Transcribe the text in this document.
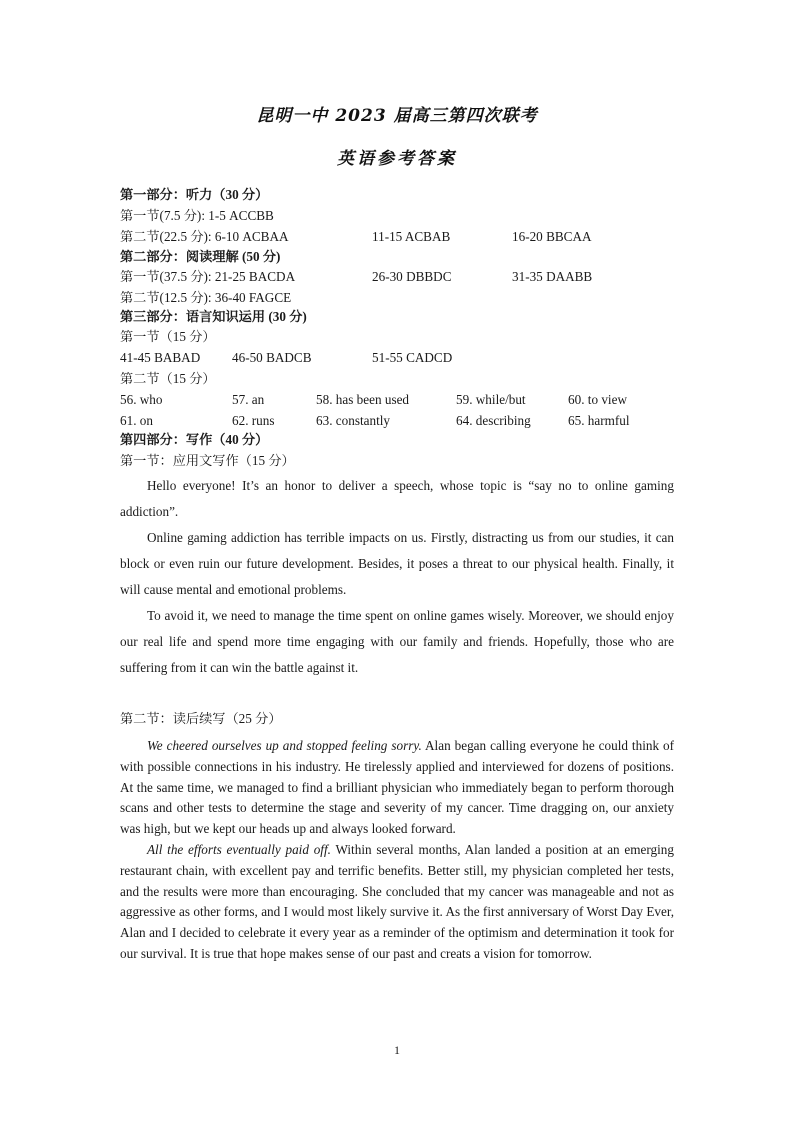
昆明一中 2023 届高三第四次联考
英语参考答案
第一部分：听力（30 分）
第一节(7.5 分): 1-5 ACCBB
第二节(22.5 分): 6-10 ACBAA	11-15 ACBAB	16-20 BBCAA
第二部分：阅读理解 (50 分)
第一节(37.5 分): 21-25 BACDA	26-30 DBBDC	31-35 DAABB
第二节(12.5 分): 36-40 FAGCE
第三部分：语言知识运用 (30 分)
第一节（15 分）
41-45 BABAD 46-50 BADCB	51-55 CADCD
第二节（15 分）
56. who	57. an	58. has been used	59. while/but	60. to view
61. on	62. runs	63. constantly	64. describing	65. harmful
第四部分：写作（40 分）
第一节：应用文写作（15 分）
Hello everyone! It’s an honor to deliver a speech, whose topic is “say no to online gaming addiction”.
Online gaming addiction has terrible impacts on us. Firstly, distracting us from our studies, it can block or even ruin our future development. Besides, it poses a threat to our physical health. Finally, it will cause mental and emotional problems.
To avoid it, we need to manage the time spent on online games wisely. Moreover, we should enjoy our real life and spend more time engaging with our family and friends. Hopefully, those who are suffering from it can win the battle against it.
第二节：读后续写（25 分）
We cheered ourselves up and stopped feeling sorry. Alan began calling everyone he could think of with possible connections in his industry. He tirelessly applied and interviewed for dozens of positions. At the same time, we managed to find a brilliant physician who immediately began to perform thorough scans and other tests to determine the stage and severity of my cancer. Time dragging on, our anxiety was high, but we kept our heads up and always looked forward.
All the efforts eventually paid off. Within several months, Alan landed a position at an emerging restaurant chain, with excellent pay and terrific benefits. Better still, my physician completed her tests, and the results were more than encouraging. She concluded that my cancer was manageable and not as aggressive as other forms, and I would most likely survive it. As the first anniversary of Worst Day Ever, Alan and I decided to celebrate it every year as a reminder of the optimism and determination it took for our survival. It is true that hope makes sense of our past and creats a vision for tomorrow.
1
